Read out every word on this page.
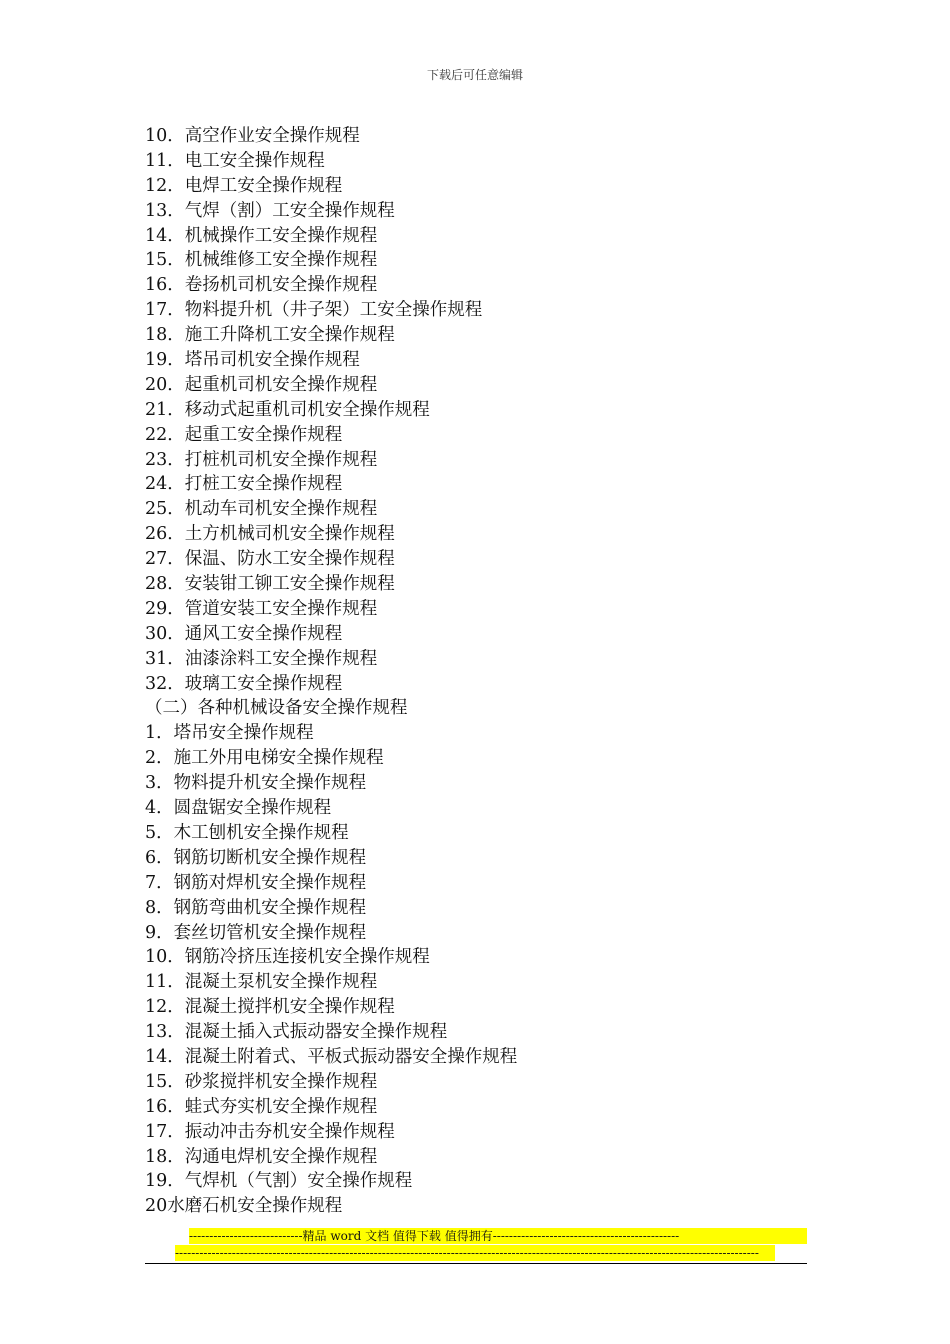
下载后可任意编辑
10．高空作业安全操作规程
11．电工安全操作规程
12．电焊工安全操作规程
13．气焊（割）工安全操作规程
14．机械操作工安全操作规程
15．机械维修工安全操作规程
16．卷扬机司机安全操作规程
17．物料提升机（井子架）工安全操作规程
18．施工升降机工安全操作规程
19．塔吊司机安全操作规程
20．起重机司机安全操作规程
21．移动式起重机司机安全操作规程
22．起重工安全操作规程
23．打桩机司机安全操作规程
24．打桩工安全操作规程
25．机动车司机安全操作规程
26．土方机械司机安全操作规程
27．保温、防水工安全操作规程
28．安装钳工铆工安全操作规程
29．管道安装工安全操作规程
30．通风工安全操作规程
31．油漆涂料工安全操作规程
32．玻璃工安全操作规程
（二）各种机械设备安全操作规程
1．塔吊安全操作规程
2．施工外用电梯安全操作规程
3．物料提升机安全操作规程
4．圆盘锯安全操作规程
5．木工刨机安全操作规程
6．钢筋切断机安全操作规程
7．钢筋对焊机安全操作规程
8．钢筋弯曲机安全操作规程
9．套丝切管机安全操作规程
10．钢筋冷挤压连接机安全操作规程
11．混凝土泵机安全操作规程
12．混凝土搅拌机安全操作规程
13．混凝土插入式振动器安全操作规程
14．混凝土附着式、平板式振动器安全操作规程
15．砂浆搅拌机安全操作规程
16．蛙式夯实机安全操作规程
17．振动冲击夯机安全操作规程
18．沟通电焊机安全操作规程
19．气焊机（气割）安全操作规程
20水磨石机安全操作规程
----------------------------精品 word 文档 值得下载 值得拥有----------------------------------------------
------------------------------------------------------------------------------------------------------------------------------------------------
